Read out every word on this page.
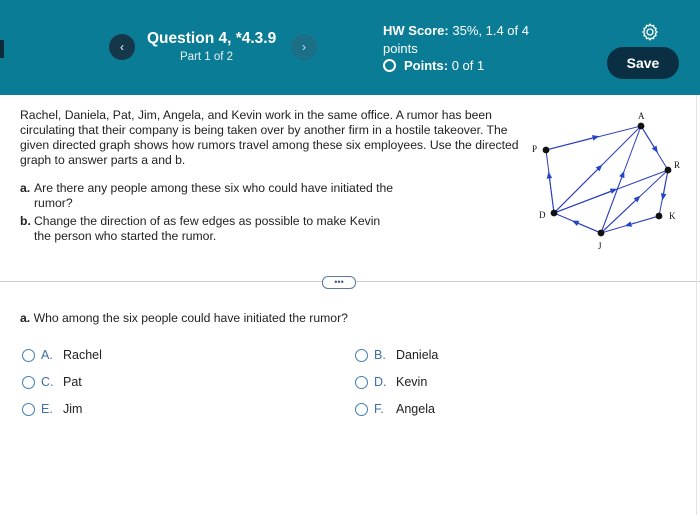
‹ Question 4, *4.3.9
Part 1 of 2
›
HW Score: 35%, 1.4 of 4
points
Points:
0 of 1	Save
Rachel, Daniela, Pat, Jim, Angela, and Kevin work in the same office. A rumor has been circulating that their company is being taken over by another firm in a hostile takeover. The given directed graph shows how rumors travel among these six employees. Use the directed graph to answer parts a and b.
a. Are there any people among these six who could have initiated the rumor?
b. Change the direction of as few edges as possible to make Kevin the person who started the rumor.
A
P
R
D	K
J
•••
a. Who among the six people could have initiated the rumor?
A. Rachel	B. Daniela
C. Pat	D. Kevin
E. Jim	F. Angela
